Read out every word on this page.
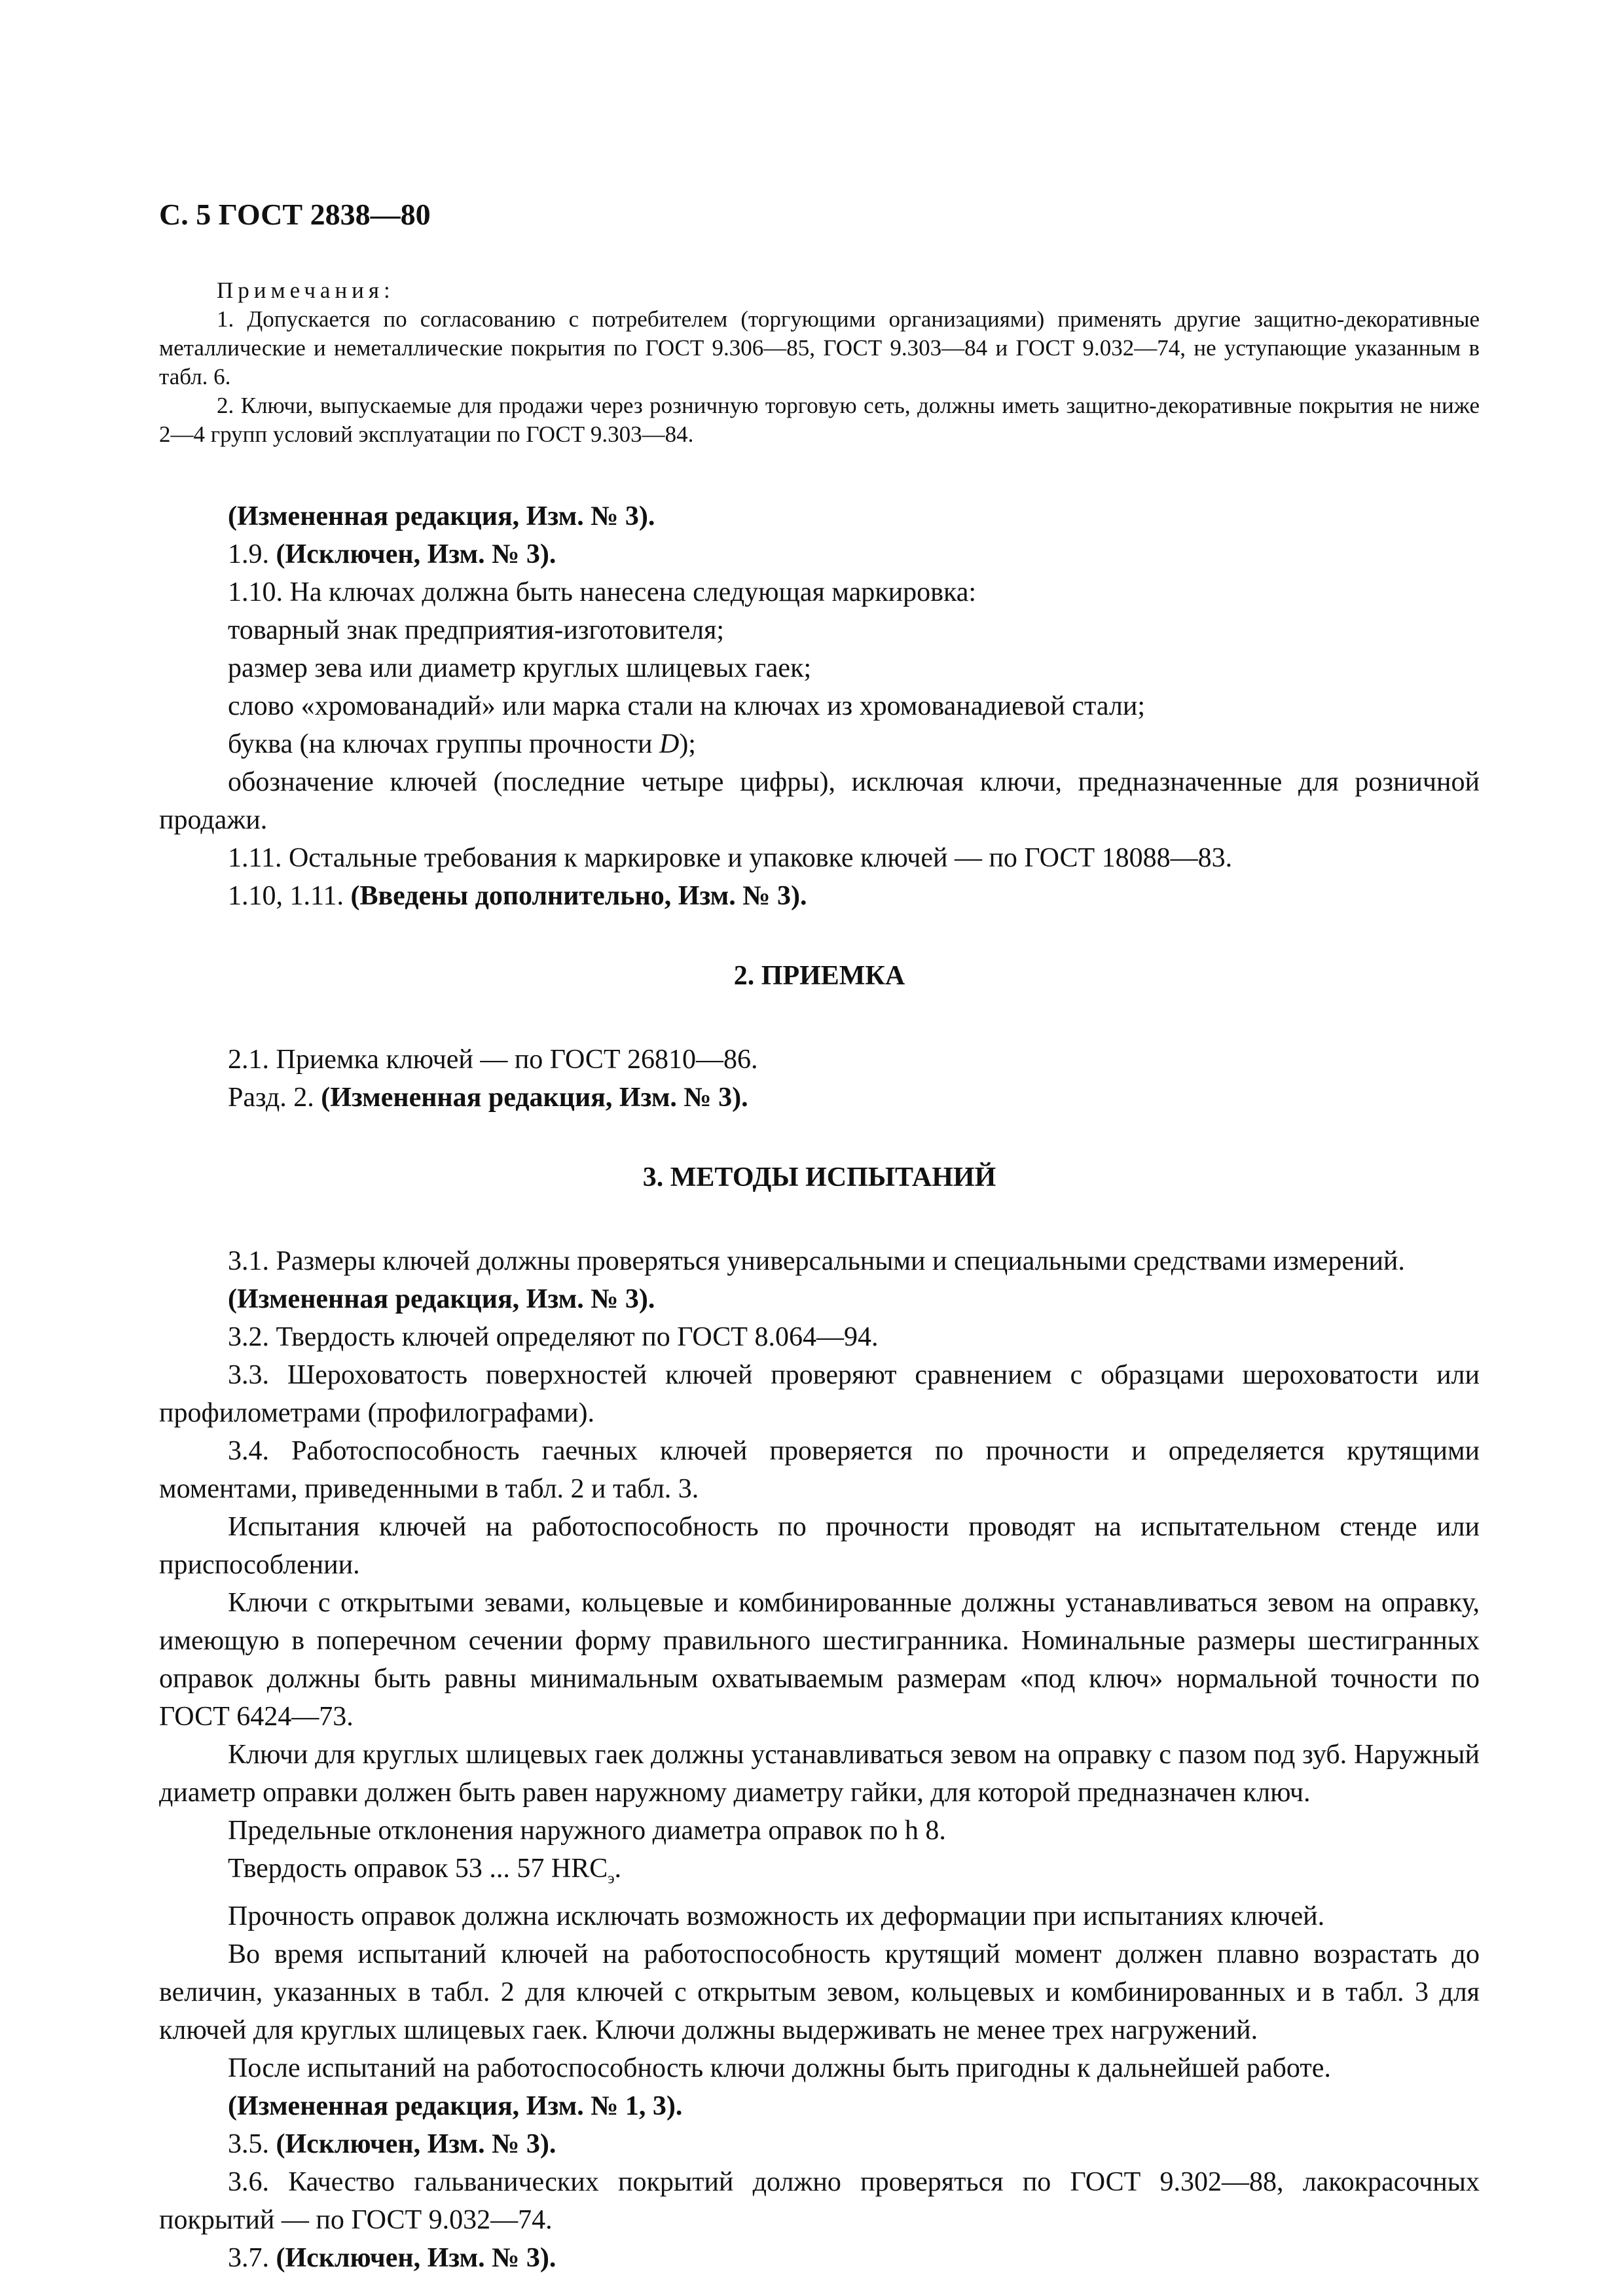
С. 5 ГОСТ 2838—80

Примечания:

1. Допускается по согласованию с потребителем (торгующими организациями) применять другие защитно-декоративные металлические и неметаллические покрытия по ГОСТ 9.306—85, ГОСТ 9.303—84 и ГОСТ 9.032—74, не уступающие указанным в табл. 6.

2. Ключи, выпускаемые для продажи через розничную торговую сеть, должны иметь защитно-декоративные покрытия не ниже 2—4 групп условий эксплуатации по ГОСТ 9.303—84.

(Измененная редакция, Изм. № 3).

1.9. (Исключен, Изм. № 3).

1.10. На ключах должна быть нанесена следующая маркировка:

товарный знак предприятия-изготовителя;

размер зева или диаметр круглых шлицевых гаек;

слово «хромованадий» или марка стали на ключах из хромованадиевой стали;

буква (на ключах группы прочности D);

обозначение ключей (последние четыре цифры), исключая ключи, предназначенные для розничной продажи.

1.11. Остальные требования к маркировке и упаковке ключей — по ГОСТ 18088—83.

1.10, 1.11. (Введены дополнительно, Изм. № 3).

2. ПРИЕМКА

2.1. Приемка ключей — по ГОСТ 26810—86.

Разд. 2. (Измененная редакция, Изм. № 3).

3. МЕТОДЫ ИСПЫТАНИЙ

3.1. Размеры ключей должны проверяться универсальными и специальными средствами измерений.

(Измененная редакция, Изм. № 3).

3.2. Твердость ключей определяют по ГОСТ 8.064—94.

3.3. Шероховатость поверхностей ключей проверяют сравнением с образцами шероховатости или профилометрами (профилографами).

3.4. Работоспособность гаечных ключей проверяется по прочности и определяется крутящими моментами, приведенными в табл. 2 и табл. 3.

Испытания ключей на работоспособность по прочности проводят на испытательном стенде или приспособлении.

Ключи с открытыми зевами, кольцевые и комбинированные должны устанавливаться зевом на оправку, имеющую в поперечном сечении форму правильного шестигранника. Номинальные размеры шестигранных оправок должны быть равны минимальным охватываемым размерам «под ключ» нормальной точности по ГОСТ 6424—73.

Ключи для круглых шлицевых гаек должны устанавливаться зевом на оправку с пазом под зуб. Наружный диаметр оправки должен быть равен наружному диаметру гайки, для которой предназначен ключ.

Предельные отклонения наружного диаметра оправок по h 8.

Твердость оправок 53 ... 57 $HRC_э$.

Прочность оправок должна исключать возможность их деформации при испытаниях ключей.

Во время испытаний ключей на работоспособность крутящий момент должен плавно возрастать до величин, указанных в табл. 2 для ключей с открытым зевом, кольцевых и комбинированных и в табл. 3 для ключей для круглых шлицевых гаек. Ключи должны выдерживать не менее трех нагружений.

После испытаний на работоспособность ключи должны быть пригодны к дальнейшей работе.

(Измененная редакция, Изм. № 1, 3).

3.5. (Исключен, Изм. № 3).

3.6. Качество гальванических покрытий должно проверяться по ГОСТ 9.302—88, лакокрасочных покрытий — по ГОСТ 9.032—74.

3.7. (Исключен, Изм. № 3).
